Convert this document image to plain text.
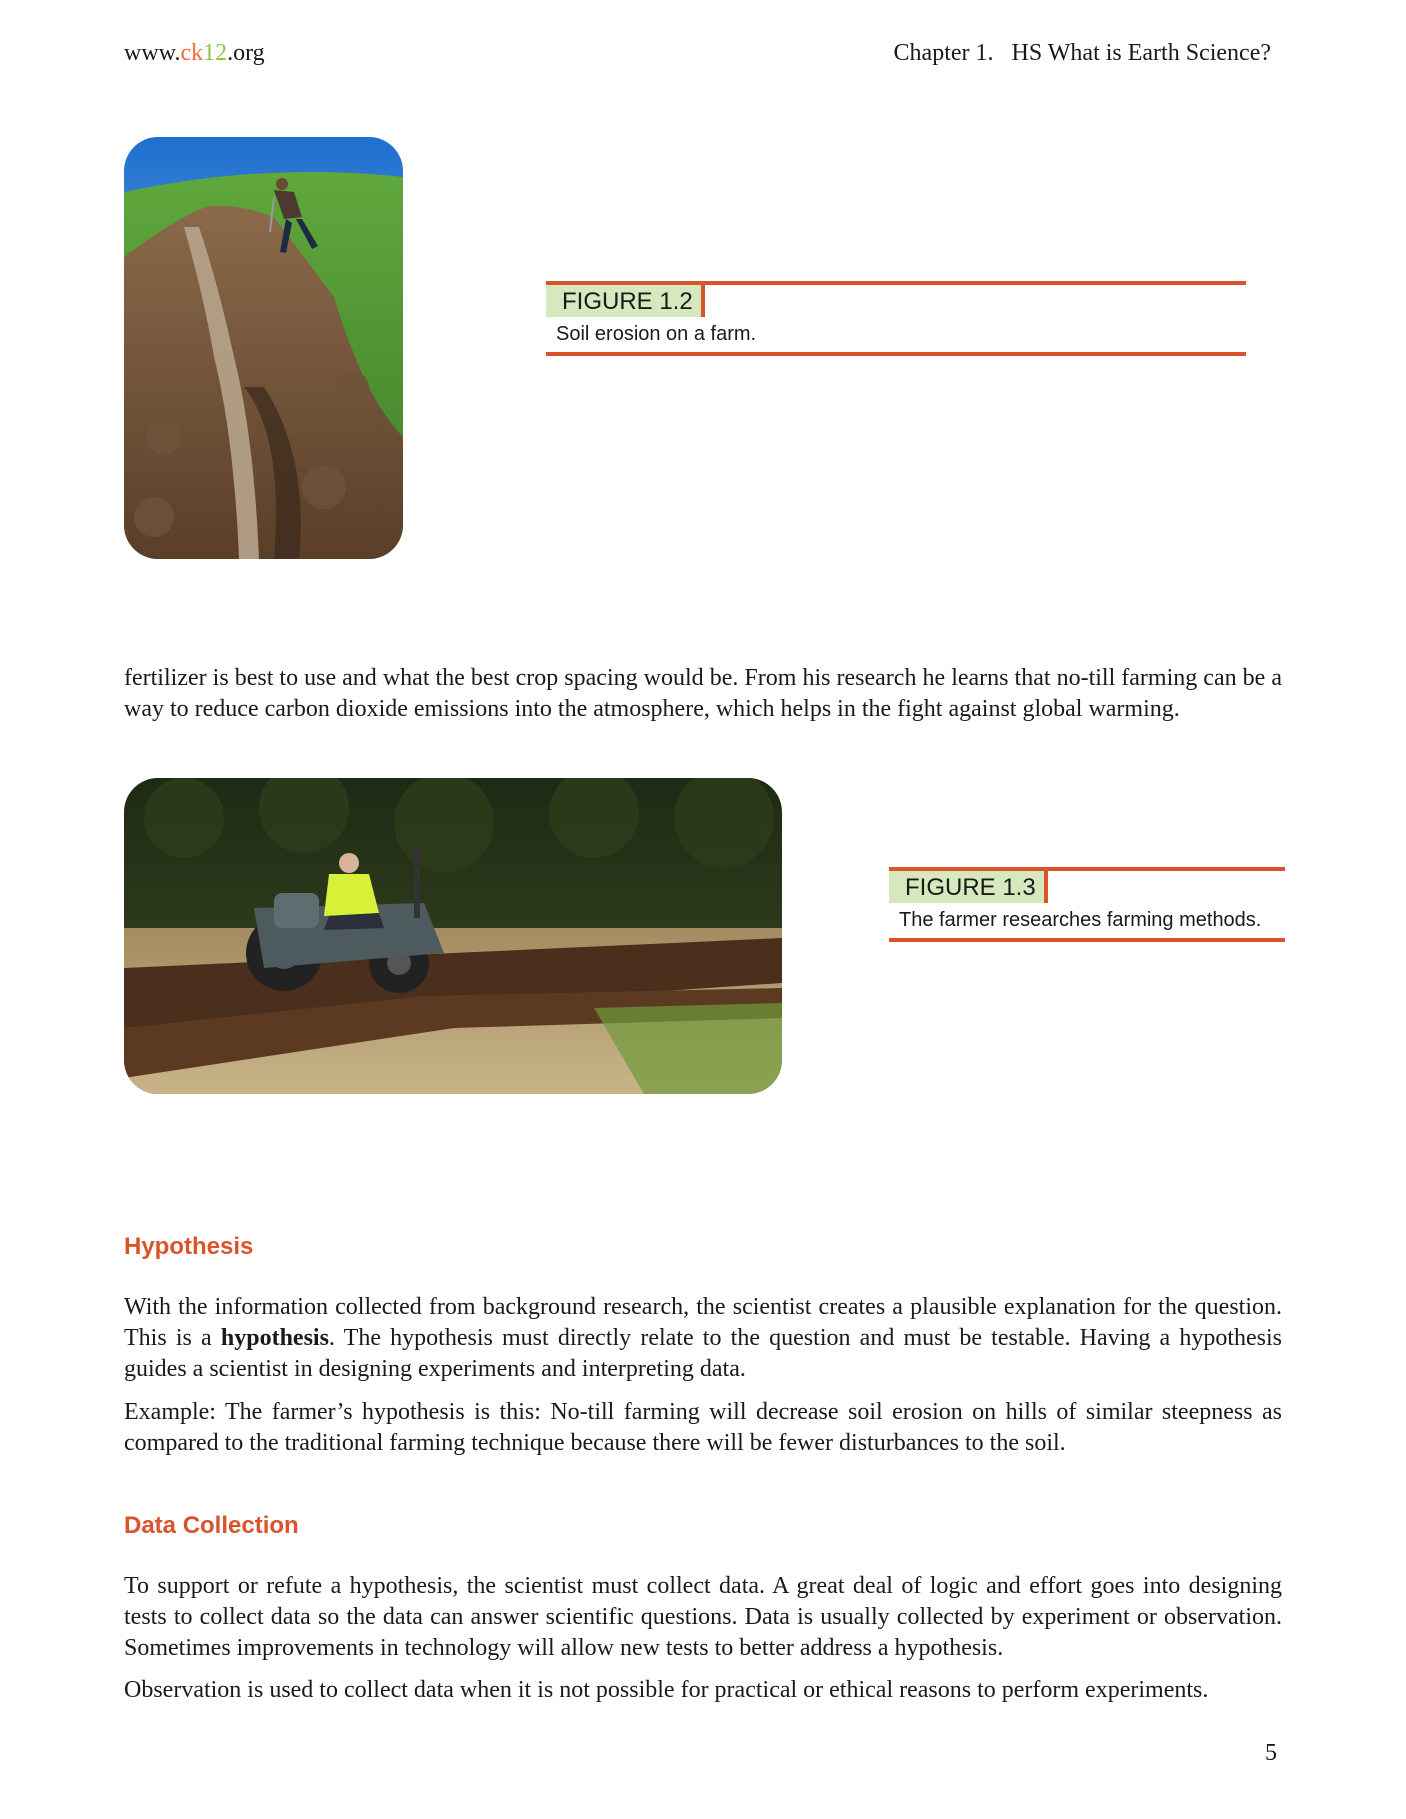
www.ck12.org	Chapter 1.   HS What is Earth Science?
FIGURE 1.2
Soil erosion on a farm.

fertilizer is best to use and what the best crop spacing would be. From his research he learns that no-till farming can be a way to reduce carbon dioxide emissions into the atmosphere, which helps in the fight against global warming.

FIGURE 1.3
The farmer researches farming methods.
Hypothesis

With the information collected from background research, the scientist creates a plausible explanation for the question. This is a hypothesis. The hypothesis must directly relate to the question and must be testable. Having a hypothesis guides a scientist in designing experiments and interpreting data.

Example: The farmer’s hypothesis is this: No-till farming will decrease soil erosion on hills of similar steepness as compared to the traditional farming technique because there will be fewer disturbances to the soil.

Data Collection

To support or refute a hypothesis, the scientist must collect data. A great deal of logic and effort goes into designing tests to collect data so the data can answer scientific questions. Data is usually collected by experiment or observation. Sometimes improvements in technology will allow new tests to better address a hypothesis.

Observation is used to collect data when it is not possible for practical or ethical reasons to perform experiments.

5
